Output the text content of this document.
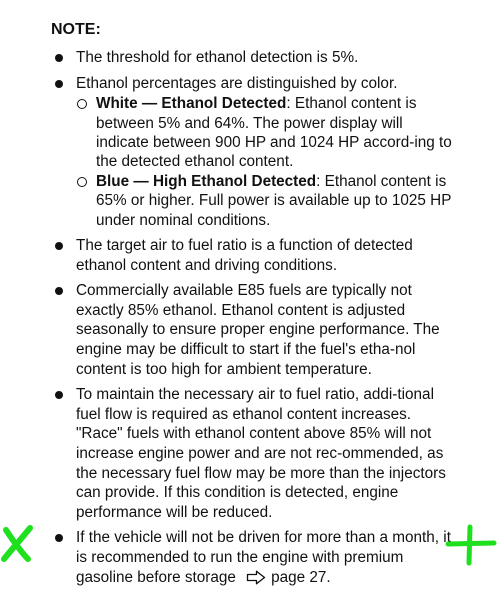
NOTE:
The threshold for ethanol detection is 5%.
Ethanol percentages are distinguished by color.
White — Ethanol Detected: Ethanol content is between 5% and 64%. The power display will indicate between 900 HP and 1024 HP accord-ing to the detected ethanol content.
Blue — High Ethanol Detected: Ethanol content is 65% or higher. Full power is available up to 1025 HP under nominal conditions.
The target air to fuel ratio is a function of detected ethanol content and driving conditions.
Commercially available E85 fuels are typically not exactly 85% ethanol. Ethanol content is adjusted seasonally to ensure proper engine performance. The engine may be difficult to start if the fuel's etha-nol content is too high for ambient temperature.
To maintain the necessary air to fuel ratio, addi-tional fuel flow is required as ethanol content increases. "Race" fuels with ethanol content above 85% will not increase engine power and are not rec-ommended, as the necessary fuel flow may be more than the injectors can provide. If this condition is detected, engine performance will be reduced.
If the vehicle will not be driven for more than a month, it is recommended to run the engine with premium gasoline before storage page 27.
